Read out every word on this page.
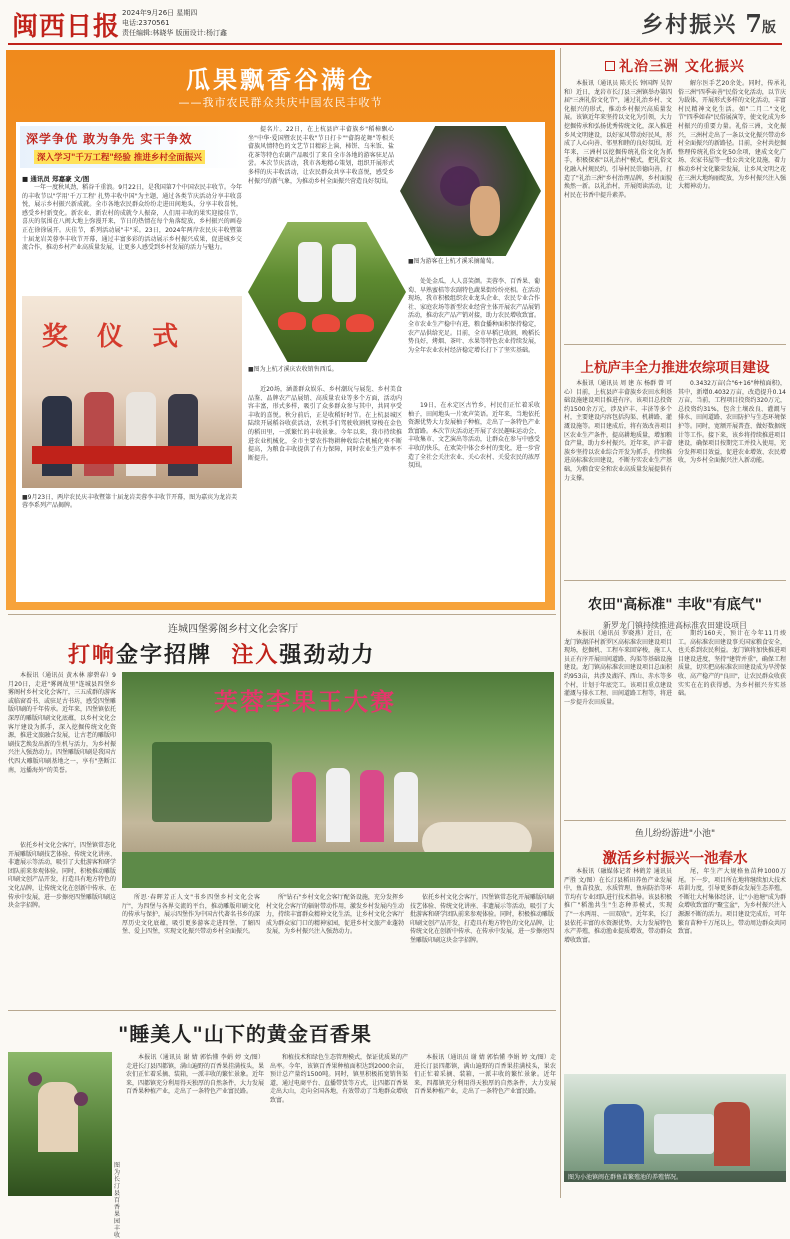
闽西日报 2024年9月26日 星期四
电话:2370561
责任编辑:林晓华 版面设计:杨汀鑫	乡村振兴 7 版
瓜果飘香谷满仓
——我市农民群众共庆中国农民丰收节
深学争优 敢为争先 实干争效
深入学习"千万工程"经验 推进乡村全面振兴
■ 通讯员 郑嘉豪 文/图

一年一度秋风劲，稻谷千重浪。9月22日，是我国第7个中国农民丰收节。今年的丰收节以"学用'千万工程' 扎势丰收中国"为主题，通过各类节庆活动分享丰收喜悦，展示乡村振兴新成就。全市各地农民群众纷纷走进田间地头，分享丰收喜悦，感受乡村新变化。新农业、新农村的成就令人振奋，人们用丰收的果实迎接佳节，喜庆的氛围在八闽大地上弥漫开来，节日的热情在每个角落绽放，乡村振兴的画卷正在徐徐展开。庆佳节，系列活动展"丰"采。23日，2024年两岸农民庆丰收暨第十届龙岩芙蓉李丰收节开幕，通过丰富多彩的活动展示乡村振兴成果，促进城乡交流合作，推动乡村产业高质量发展，让更多人感受到乡村发展的活力与魅力。

提名片。22日，在上杭县庐丰畲族乡"稻樟飘心坐"中华·爱国暨农民丰收"节日打卡""畲韵花舞"等相关畲族风情特色的文艺节目精彩上演，柿饼、乌米饭、盐花茶等特色农副产品吸引了来自全市各地的游客驻足品尝。本次节庆活动，我市各地精心策划，组织开展形式多样的庆丰收活动，让农民群众共享丰收喜悦，感受乡村振兴的新气象，为推动乡村全面振兴营造良好氛围。

■图为游客在上杭才溪采摘葡萄。

处处金瓜，人人喜笑颜。芙蓉李、百香果、葡萄、早熟蜜桔等农副特色蔬果街纷纷亮相。在活动现场，我市积极组织农业龙头企业、农民专业合作社、家庭农场等新型农业经营主体开展农产品展销活动，推动农产品产销对接，助力农民增收致富。全市农业生产稳中有进，粮食播种面积保持稳定，农产品供给充足。目前，全市早稻已收割，晚稻长势良好，烤烟、茶叶、水果等特色农业持续发展，为全年农业农村经济稳定增长打下了坚实基础。

奖 仪 式
■图为上杭才溪庆农收销售西瓜。

近20场，涵盖群众娱乐、乡村潮玩与展览、乡村美食品鉴、品牌农产品展销、高质量农业等多个方面，活动内容丰富，形式多样，吸引了众多群众参与其中，共同享受丰收的喜悦。秋分前后，正是收稻好时节。在上杭县城区陆续开展稻谷收获活动，农机手们驾驶收割机穿梭在金色的稻田里，一派繁忙的丰收景象。今年以来，我市持续推进农业机械化，全市主要农作物耕种收综合机械化率不断提高，为粮食丰收提供了有力保障，同时农业生产效率不断提升。

19日，在永定区古竹乡，村民们正忙着采收柚子，田间地头一片欢声笑语。近年来，当地依托资源优势大力发展柚子种植，走出了一条特色产业致富路。本次节庆活动还开展了农民趣味运动会、丰收集市、文艺演出等活动，让群众在参与中感受丰收的快乐，在欢笑中体会乡村的变化，进一步营造了全社会关注农业、关心农村、关爱农民的浓厚氛围。

■9月23日，两岸农民庆丰收暨第十届龙岩芙蓉李丰收节开幕，图为嘉宾为龙岩芙蓉李系列产品揭牌。
礼治三洲 文化振兴

本报讯（通讯员 陈关长 钟国辉 吴智和）近日，龙岩市长汀县三洲镇举办第四届"三洲礼俗文化节"，通过礼治乡村、文化振兴的形式，推动乡村振兴高质量发展。该镇近年来坚持以文化为引领，大力挖掘传承和弘扬优秀传统文化，深入推进乡风文明建设，以好家风带动好民风，形成了人心向善、邻里和睦的良好氛围。近年来，三洲村以挖掘传统礼俗文化为抓手，积极探索"以礼治村"模式，把礼俗文化融入村规民约，引导村民崇德向善，打造了"礼治三洲"乡村治理品牌，乡村面貌焕然一新。以礼治村，开展阅读活动，让村民在书香中提升素养。

解尔医手艺20余处。同时，传承礼俗三洲"四季亲善"民俗文化活动，以节庆为载体，开展形式多样的文化活动，丰富村民精神文化生活。如"二月二"文化节"四季如春"民俗展演等，使文化成为乡村振兴的重要力量。礼俗三洲，文化振兴，三洲村走出了一条以文化振兴带动乡村全面振兴的新路径。目前，全村共挖掘整理传统礼俗文化50余项，建成文化广场、农家书屋等一批公共文化设施，着力推动乡村文化繁荣发展，让乡风文明之花在三洲大地绚丽绽放，为乡村振兴注入强大精神动力。

上杭庐丰全力推进农综项目建设

本报讯（通讯员 周 建 东 杨群 曾 可心）目前，上杭县庐丰畲族乡农田水利基础设施建设项目推进有序。该项目总投资约1500余万元，涉及庐丰、丰济等多个村，主要建设内容包括沟渠、机耕路、灌溉设施等。项目建成后，将有效改善项目区农业生产条件，提高耕地质量，增加粮食产量，助力乡村振兴。近年来，庐丰畲族乡坚持以农业综合开发为抓手，持续推进高标准农田建设，不断夯实农业生产基础，为粮食安全和农业高质量发展提供有力支撑。

0.3432万亩(合"6+16"种植面积)，其中，新增0.4032万亩，改造提升0.14万亩，当前，工程项目投资约320万元，总投资约31%，包含土壤改良、灌溉与排水、田间道路、农田防护与生态环境保护等。同时，宽额开展普查、做好数据统计等工作。接下来，该乡将持续推进项目建设，确保项目按期完工并投入使用，充分发挥项目效益，促进农业增效、农民增收，为乡村全面振兴注入新动能。

农田"高标准" 丰收"有底气"
新罗龙门镇持续推进高标准农田建设项目

本报讯（通讯员 罗晓燕）近日，在龙门镇湖洋村新罗区高标准农田建设项目现场，挖掘机、工程车来回穿梭，施工人员正有序开展田间道路、沟渠等基础设施建设。龙门镇高标准农田建设项目总面积约953亩，共涉及湖洋、西山、赤水等多个村，计划于年底完工。该项目重点建设灌溉与排水工程、田间道路工程等，将进一步提升农田质量。

期约160天，预计在今年11月竣工。高标准农田建设事关国家粮食安全，也关系到农民利益。龙门镇将加快推进项目建设进度，坚持"建管并重"，确保工程质量，切实把高标准农田建设成为旱涝保收、高产稳产的"良田"，让农民群众收获实实在在的获得感，为乡村振兴夯实基础。

鱼儿纷纷游进"小池"
激活乡村振兴一池春水

本报讯（融媒体记者 林鹤芳 通讯员 严胜 文/图）在长汀县稻田养鱼产业发展中，鱼苗投放、水质管理、鱼病防治等环节均有专业团队进行技术指导。该县积极推广"稻渔共生"生态种养模式，实现了"一水两用、一田双收"。近年来，长汀县依托丰富的水资源优势，大力发展特色水产养殖，推动渔业提质增效，带动群众增收致富。

尾，年生产大规格鱼苗种1000万尾。下一步，项目所在地将继续加大技术培训力度，引导更多群众发展生态养殖，不断壮大村集体经济，让"小池塘"成为群众增收致富的"聚宝盆"，为乡村振兴注入源源不断的活力。项目建设完成后，可年繁育苗种千万尾以上，带动周边群众共同致富。

图为小池镇闽在群鱼苗繁殖池的养殖情况。
连城四堡雾阁乡村文化会客厅
打响金字招牌 注入强劲动力

本报讯（通讯员 黄木林 廖碧春）9月20日，走进"雾阁故里"连城县四堡乡雾阁村乡村文化会客厅，三五成群的游客或临窗看书、或驻足古书坊，感受四堡雕版印刷的千年传承。近年来，四堡镇依托深厚的雕版印刷文化底蕴，以乡村文化会客厅建设为抓手，深入挖掘传统文化资源，推进文旅融合发展，让古老的雕版印刷技艺焕发出新的生机与活力，为乡村振兴注入强劲动力。四堡雕版印刷是我国古代四大雕版印刷基地之一，享有"垄断江南，远播海外"的美誉。

依托乡村文化会客厅，四堡镇常态化开展雕版印刷技艺体验、传统文化讲座、非遗展示等活动，吸引了大批游客和研学团队前来参观体验。同时，积极推动雕版印刷文创产品开发，打造具有地方特色的文化品牌，让传统文化在创新中传承、在传承中发展，进一步擦亮四堡雕版印刷这块金字招牌。

芙蓉李果王大赛

所思·春晖芳正人文"书乡四堡乡村文化会客厅"，为四堡与各界交流的平台，推动雕版印刷文化的传承与保护，展示四堡作为中国古代著名书乡的深厚历史文化底蕴，吸引更多游客走进四堡、了解四堡、爱上四堡，实现文化振兴带动乡村全面振兴。

所"钻石"乡村文化会客厅配备设施，充分发挥乡村文化会客厅的辐射带动作用，激发乡村发展内生动力，持续丰富群众精神文化生活，让乡村文化会客厅成为群众家门口的精神家园，促进乡村文旅产业蓬勃发展，为乡村振兴注入强劲动力。

依托乡村文化会客厅，四堡镇常态化开展雕版印刷技艺体验、传统文化讲座、非遗展示等活动，吸引了大批游客和研学团队前来参观体验。同时，积极推动雕版印刷文创产品开发，打造具有地方特色的文化品牌，让传统文化在创新中传承、在传承中发展，进一步擦亮四堡雕版印刷这块金字招牌。

"睡美人"山下的黄金百香果
图为长汀县百香果园丰收

本报讯（通讯员 谢 婧 郭怡懂 李娟 婷 文/图）走进长汀县四都镇，满山遍野的百香果挂满枝头，果农们正忙着采摘、装箱，一派丰收的繁忙景象。近年来，四都镇充分利用得天独厚的自然条件，大力发展百香果种植产业，走出了一条特色产业富民路。

和植技术和绿色生态管理模式，保证优质果的产出率。今年，该镇百香果种植面积达到2000余亩，预计总产量约1500吨。同时，镇里积极拓宽销售渠道，通过电商平台、直播带货等方式，让四都百香果走出大山，走向全国各地，有效带动了当地群众增收致富。

本报讯（通讯员 谢 婧 郭怡懂 李娟 婷 文/图）走进长汀县四都镇，满山遍野的百香果挂满枝头，果农们正忙着采摘、装箱，一派丰收的繁忙景象。近年来，四都镇充分利用得天独厚的自然条件，大力发展百香果种植产业，走出了一条特色产业富民路。
